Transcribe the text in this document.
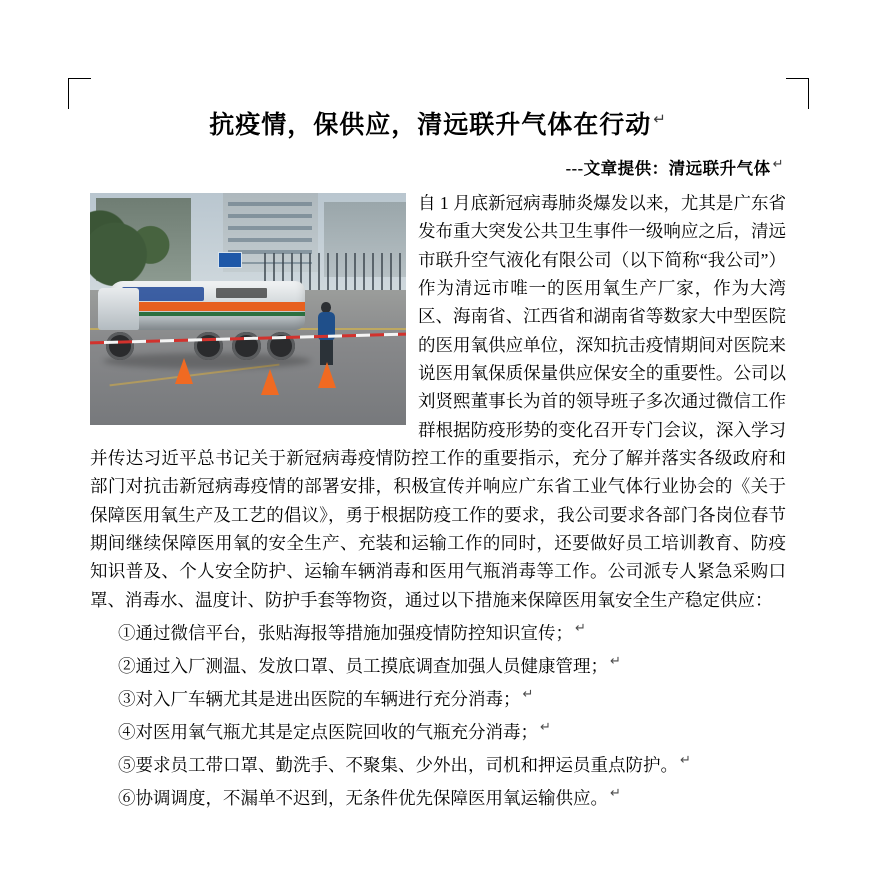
抗疫情，保供应，清远联升气体在行动 ↵
---文章提供：清远联升气体 ↵
自 1 月底新冠病毒肺炎爆发以来，尤其是广东省发布重大突发公共卫生事件一级响应之后，清远市联升空气液化有限公司（以下简称“我公司”）作为清远市唯一的医用氧生产厂家，作为大湾区、海南省、江西省和湖南省等数家大中型医院的医用氧供应单位，深知抗击疫情期间对医院来说医用氧保质保量供应保安全的重要性。公司以刘贤熙董事长为首的领导班子多次通过微信工作群根据防疫形势的变化召开专门会议，深入学习并传达习近平总书记关于新冠病毒疫情防控工作的重要指示，充分了解并落实各级政府和部门对抗击新冠病毒疫情的部署安排，积极宣传并响应广东省工业气体行业协会的《关于保障医用氧生产及工艺的倡议》，勇于根据防疫工作的要求，我公司要求各部门各岗位春节期间继续保障医用氧的安全生产、充装和运输工作的同时，还要做好员工培训教育、防疫知识普及、个人安全防护、运输车辆消毒和医用气瓶消毒等工作。公司派专人紧急采购口罩、消毒水、温度计、防护手套等物资，通过以下措施来保障医用氧安全生产稳定供应：
①通过微信平台，张贴海报等措施加强疫情防控知识宣传； ↵
②通过入厂测温、发放口罩、员工摸底调查加强人员健康管理； ↵
③对入厂车辆尤其是进出医院的车辆进行充分消毒； ↵
④对医用氧气瓶尤其是定点医院回收的气瓶充分消毒； ↵
⑤要求员工带口罩、勤洗手、不聚集、少外出，司机和押运员重点防护。 ↵
⑥协调调度，不漏单不迟到，无条件优先保障医用氧运输供应。 ↵
